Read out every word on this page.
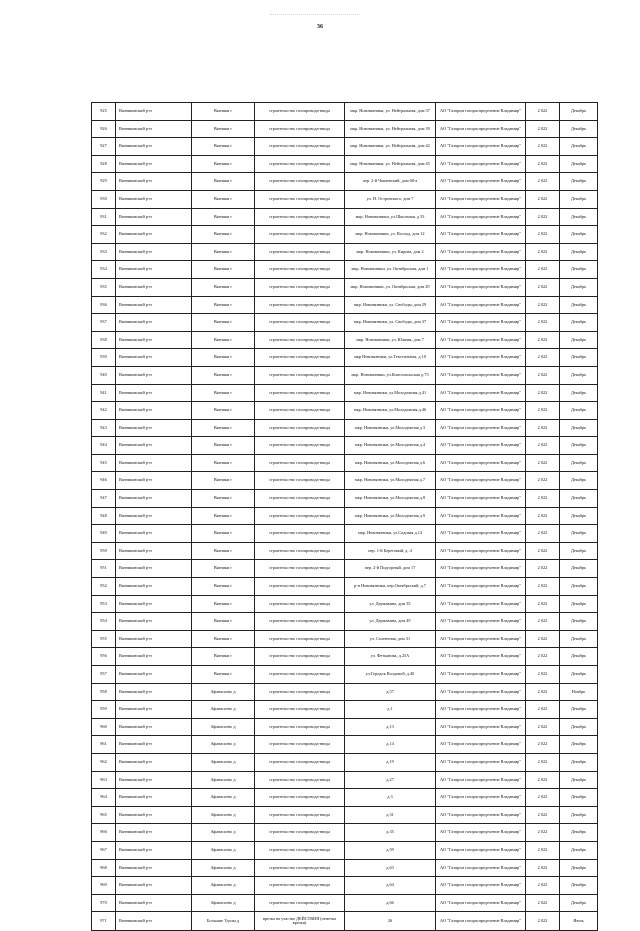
36
925	Вязниковский р-н	Вязники г	строительство газопровода-ввода	мкр. Нововязники, ул. Нейтральная, дом 37	АО "Газпром газораспределение Владимир"	2 022	Декабрь
926	Вязниковский р-н	Вязники г	строительство газопровода-ввода	мкр. Нововязники, ул. Нейтральная, дом 39	АО "Газпром газораспределение Владимир"	2 022	Декабрь
927	Вязниковский р-н	Вязники г	строительство газопровода-ввода	мкр. Нововязники, ул. Нейтральная, дом 42	АО "Газпром газораспределение Владимир"	2 022	Декабрь
928	Вязниковский р-н	Вязники г	строительство газопровода-ввода	мкр. Нововязники, ул. Нейтральная, дом 45	АО "Газпром газораспределение Владимир"	2 022	Декабрь
929	Вязниковский р-н	Вязники г	строительство газопровода-ввода	пер. 2-й Чапаевский, дом 68-а	АО "Газпром газораспределение Владимир"	2 022	Декабрь
930	Вязниковский р-н	Вязники г	строительство газопровода-ввода	ул. Н. Островского, дом 7	АО "Газпром газораспределение Владимир"	2 022	Декабрь
931	Вязниковский р-н	Вязники г	строительство газопровода-ввода	мкр. Нововязники, ул.Школьная, д 53	АО "Газпром газораспределение Владимир"	2 022	Декабрь
932	Вязниковский р-н	Вязники г	строительство газопровода-ввода	мкр. Нововязники, ул. Восход, дом 12	АО "Газпром газораспределение Владимир"	2 022	Декабрь
933	Вязниковский р-н	Вязники г	строительство газопровода-ввода	мкр. Нововязники, ул. Кирова, дом 2	АО "Газпром газораспределение Владимир"	2 022	Декабрь
934	Вязниковский р-н	Вязники г	строительство газопровода-ввода	мкр. Нововязники, ул. Октябрьская, дом 1	АО "Газпром газораспределение Владимир"	2 022	Декабрь
935	Вязниковский р-н	Вязники г	строительство газопровода-ввода	мкр. Нововязники, ул. Октябрьская, дом 29	АО "Газпром газораспределение Владимир"	2 022	Декабрь
936	Вязниковский р-н	Вязники г	строительство газопровода-ввода	мкр. Нововязники, ул. Свободы, дом 29	АО "Газпром газораспределение Владимир"	2 022	Декабрь
937	Вязниковский р-н	Вязники г	строительство газопровода-ввода	мкр. Нововязники, ул. Свободы, дом 37	АО "Газпром газораспределение Владимир"	2 022	Декабрь
938	Вязниковский р-н	Вязники г	строительство газопровода-ввода	мкр. Нововязники, ул. Южная, дом 7	АО "Газпром газораспределение Владимир"	2 022	Декабрь
939	Вязниковский р-н	Вязники г	строительство газопровода-ввода	мкр Нововязники, ул.Текстильная, д 10	АО "Газпром газораспределение Владимир"	2 022	Декабрь
940	Вязниковский р-н	Вязники г	строительство газопровода-ввода	мкр. Нововязники, ул.Комсомольская д.75	АО "Газпром газораспределение Владимир"	2 022	Декабрь
941	Вязниковский р-н	Вязники г	строительство газопровода-ввода	мкр. Нововязники, ул.Молодежная д.41	АО "Газпром газораспределение Владимир"	2 022	Декабрь
942	Вязниковский р-н	Вязники г	строительство газопровода-ввода	мкр. Нововязники, ул.Молодежная д.46	АО "Газпром газораспределение Владимир"	2 022	Декабрь
943	Вязниковский р-н	Вязники г	строительство газопровода-ввода	мкр. Нововязники, ул.Молодежная д.3	АО "Газпром газораспределение Владимир"	2 022	Декабрь
944	Вязниковский р-н	Вязники г	строительство газопровода-ввода	мкр. Нововязники, ул.Молодежная д.4	АО "Газпром газораспределение Владимир"	2 022	Декабрь
945	Вязниковский р-н	Вязники г	строительство газопровода-ввода	мкр. Нововязники, ул.Молодежная д.6	АО "Газпром газораспределение Владимир"	2 022	Декабрь
946	Вязниковский р-н	Вязники г	строительство газопровода-ввода	мкр. Нововязники, ул.Молодежная д.7	АО "Газпром газораспределение Владимир"	2 022	Декабрь
947	Вязниковский р-н	Вязники г	строительство газопровода-ввода	мкр. Нововязники, ул.Молодежная д.8	АО "Газпром газораспределение Владимир"	2 022	Декабрь
948	Вязниковский р-н	Вязники г	строительство газопровода-ввода	мкр. Нововязники, ул.Молодежная д.9	АО "Газпром газораспределение Владимир"	2 022	Декабрь
949	Вязниковский р-н	Вязники г	строительство газопровода-ввода	мкр. Нововязники, ул.Садовая д.14	АО "Газпром газораспределение Владимир"	2 022	Декабрь
950	Вязниковский р-н	Вязники г	строительство газопровода-ввода	пер. 1-й Береговый, д. 4	АО "Газпром газораспределение Владимир"	2 022	Декабрь
951	Вязниковский р-н	Вязники г	строительство газопровода-ввода	пер. 2-й Подгорный, дом 17	АО "Газпром газораспределение Владимир"	2 022	Декабрь
952	Вязниковский р-н	Вязники г	строительство газопровода-ввода	р-н Нововязники, пер.Октябрьский, д.7	АО "Газпром газораспределение Владимир"	2 022	Декабрь
953	Вязниковский р-н	Вязники г	строительство газопровода-ввода	ул. Державина, дом 35	АО "Газпром газораспределение Владимир"	2 022	Декабрь
954	Вязниковский р-н	Вязники г	строительство газопровода-ввода	ул. Державина, дом 49	АО "Газпром газораспределение Владимир"	2 022	Декабрь
955	Вязниковский р-н	Вязники г	строительство газопровода-ввода	ул. Солнечная, дом 31	АО "Газпром газораспределение Владимир"	2 022	Декабрь
956	Вязниковский р-н	Вязники г	строительство газопровода-ввода	ул. Фетьянова, д.25А	АО "Газпром газораспределение Владимир"	2 022	Декабрь
957	Вязниковский р-н	Вязники г	строительство газопровода-ввода	ул.Городок Волдовой, д.40	АО "Газпром газораспределение Владимир"	2 022	Декабрь
958	Вязниковский р-н	Афанасьево д	строительство газопровода-ввода	д.57	АО "Газпром газораспределение Владимир"	2 022	Ноябрь
959	Вязниковский р-н	Афанасьево д	строительство газопровода-ввода	д.1	АО "Газпром газораспределение Владимир"	2 022	Декабрь
960	Вязниковский р-н	Афанасьево д	строительство газопровода-ввода	д.13	АО "Газпром газораспределение Владимир"	2 022	Декабрь
961	Вязниковский р-н	Афанасьево д	строительство газопровода-ввода	д.14	АО "Газпром газораспределение Владимир"	2 022	Декабрь
962	Вязниковский р-н	Афанасьево д	строительство газопровода-ввода	д.19	АО "Газпром газораспределение Владимир"	2 022	Декабрь
963	Вязниковский р-н	Афанасьево д	строительство газопровода-ввода	д.27	АО "Газпром газораспределение Владимир"	2 022	Декабрь
964	Вязниковский р-н	Афанасьево д	строительство газопровода-ввода	д.3	АО "Газпром газораспределение Владимир"	2 022	Декабрь
965	Вязниковский р-н	Афанасьево д	строительство газопровода-ввода	д.31	АО "Газпром газораспределение Владимир"	2 022	Декабрь
966	Вязниковский р-н	Афанасьево д	строительство газопровода-ввода	д.35	АО "Газпром газораспределение Владимир"	2 022	Декабрь
967	Вязниковский р-н	Афанасьево д	строительство газопровода-ввода	д.59	АО "Газпром газораспределение Владимир"	2 022	Декабрь
968	Вязниковский р-н	Афанасьево д	строительство газопровода-ввода	д.63	АО "Газпром газораспределение Владимир"	2 022	Декабрь
969	Вязниковский р-н	Афанасьево д	строительство газопровода-ввода	д.64	АО "Газпром газораспределение Владимир"	2 022	Декабрь
970	Вязниковский р-н	Афанасьево д	строительство газопровода-ввода	д.66	АО "Газпром газораспределение Владимир"	2 022	Декабрь
971	Вязниковский р-н	Большие Удолы д	врезка на участке ДЕЙСТВИЯ (отметка врезки)	26	АО "Газпром газораспределение Владимир"	2 022	Июль
